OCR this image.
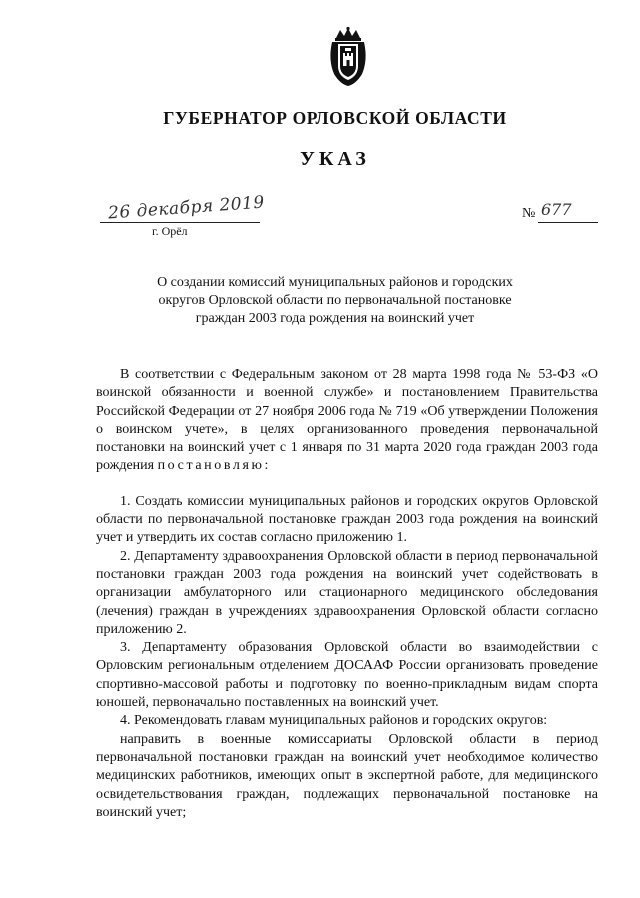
ГУБЕРНАТОР ОРЛОВСКОЙ ОБЛАСТИ
УКАЗ
26 декабря 2019
г. Орёл
№ 677
О создании комиссий муниципальных районов и городских
округов Орловской области по первоначальной постановке
граждан 2003 года рождения на воинский учет

В соответствии с Федеральным законом от 28 марта 1998 года № 53-ФЗ «О воинской обязанности и военной службе» и постановлением Правительства Российской Федерации от 27 ноября 2006 года № 719 «Об утверждении Положения о воинском учете», в целях организованного проведения первоначальной постановки на воинский учет с 1 января по 31 марта 2020 года граждан 2003 года рождения постановляю:

1. Создать комиссии муниципальных районов и городских округов Орловской области по первоначальной постановке граждан 2003 года рождения на воинский учет и утвердить их состав согласно приложению 1.

2. Департаменту здравоохранения Орловской области в период первоначальной постановки граждан 2003 года рождения на воинский учет содействовать в организации амбулаторного или стационарного медицинского обследования (лечения) граждан в учреждениях здравоохранения Орловской области согласно приложению 2.

3. Департаменту образования Орловской области во взаимодействии с Орловским региональным отделением ДОСААФ России организовать проведение спортивно-массовой работы и подготовку по военно-прикладным видам спорта юношей, первоначально поставленных на воинский учет.

4. Рекомендовать главам муниципальных районов и городских округов:

направить в военные комиссариаты Орловской области в период первоначальной постановки граждан на воинский учет необходимое количество медицинских работников, имеющих опыт в экспертной работе, для медицинского освидетельствования граждан, подлежащих первоначальной постановке на воинский учет;
